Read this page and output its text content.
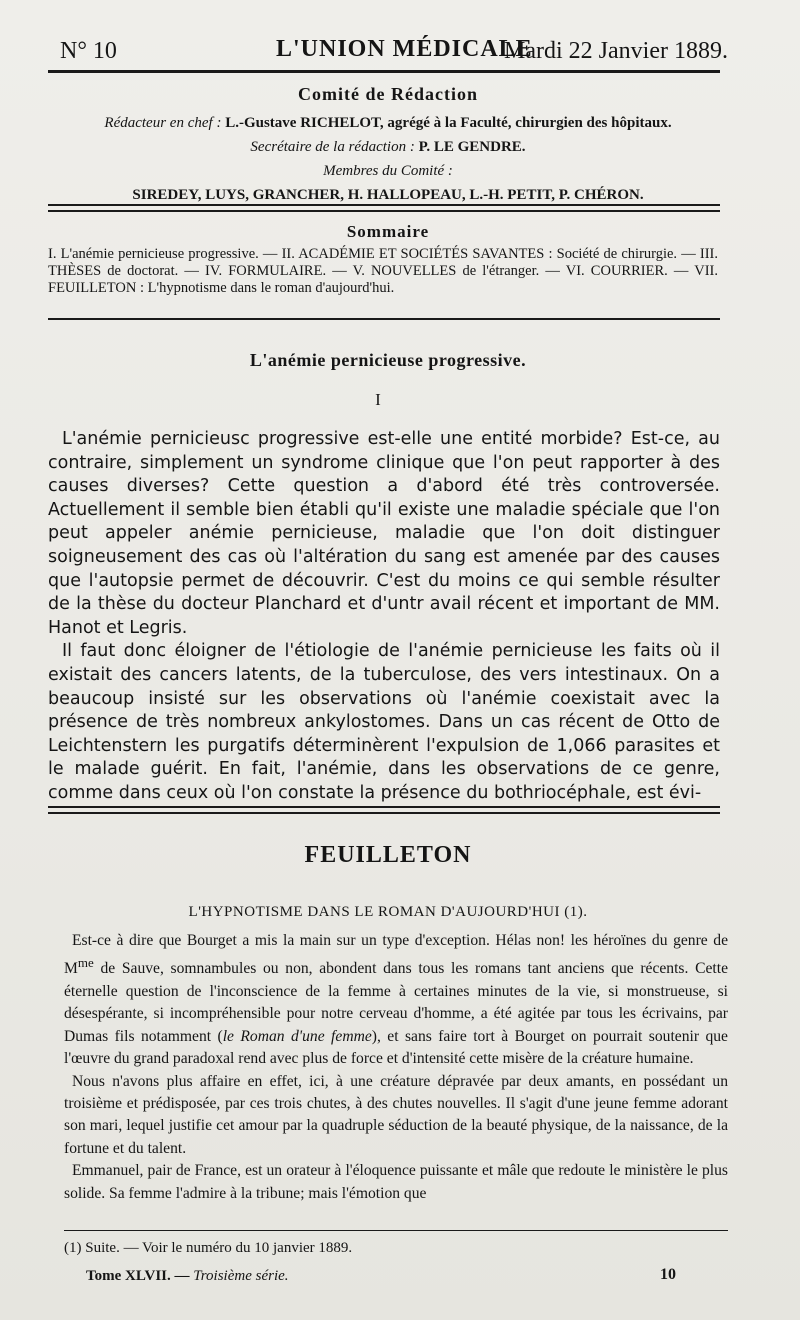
N° 10	L'UNION MÉDICALE
Mardi 22 Janvier 1889.
Comité de Rédaction
Rédacteur en chef : L.-Gustave RICHELOT, agrégé à la Faculté, chirurgien des hôpitaux.
Secrétaire de la rédaction : P. LE GENDRE.
Membres du Comité :
SIREDEY, LUYS, GRANCHER, H. HALLOPEAU, L.-H. PETIT, P. CHÉRON.
Sommaire
I. L'anémie pernicieuse progressive. — II. ACADÉMIE ET SOCIÉTÉS SAVANTES : Société de chirurgie. — III. THÈSES de doctorat. — IV. FORMULAIRE. — V. NOUVELLES de l'étranger. — VI. COURRIER. — VII. FEUILLETON : L'hypnotisme dans le roman d'aujourd'hui.
L'anémie pernicieuse progressive.
I

L'anémie pernicieusc progressive est-elle une entité morbide? Est-ce, au contraire, simplement un syndrome clinique que l'on peut rapporter à des causes diverses? Cette question a d'abord été très controversée. Actuellement il semble bien établi qu'il existe une maladie spéciale que l'on peut appeler anémie pernicieuse, maladie que l'on doit distinguer soigneusement des cas où l'altération du sang est amenée par des causes que l'autopsie permet de découvrir. C'est du moins ce qui semble résulter de la thèse du docteur Planchard et d'untr avail récent et important de MM. Hanot et Legris.

Il faut donc éloigner de l'étiologie de l'anémie pernicieuse les faits où il existait des cancers latents, de la tuberculose, des vers intestinaux. On a beaucoup insisté sur les observations où l'anémie coexistait avec la présence de très nombreux ankylostomes. Dans un cas récent de Otto de Leichtenstern les purgatifs déterminèrent l'expulsion de 1,066 parasites et le malade guérit. En fait, l'anémie, dans les observations de ce genre, comme dans ceux où l'on constate la présence du bothriocéphale, est évi-

FEUILLETON
L'HYPNOTISME DANS LE ROMAN D'AUJOURD'HUI (1).

Est-ce à dire que Bourget a mis la main sur un type d'exception. Hélas non! les héroïnes du genre de $M^{me}$ de Sauve, somnambules ou non, abondent dans tous les romans tant anciens que récents. Cette éternelle question de l'inconscience de la femme à certaines minutes de la vie, si monstrueuse, si désespérante, si incompréhensible pour notre cerveau d'homme, a été agitée par tous les écrivains, par Dumas fils notamment (le Roman d'une femme), et sans faire tort à Bourget on pourrait soutenir que l'œuvre du grand paradoxal rend avec plus de force et d'intensité cette misère de la créature humaine.

Nous n'avons plus affaire en effet, ici, à une créature dépravée par deux amants, en possédant un troisième et prédisposée, par ces trois chutes, à des chutes nouvelles. Il s'agit d'une jeune femme adorant son mari, lequel justifie cet amour par la quadruple séduction de la beauté physique, de la naissance, de la fortune et du talent.

Emmanuel, pair de France, est un orateur à l'éloquence puissante et mâle que redoute le ministère le plus solide. Sa femme l'admire à la tribune; mais l'émotion que

(1) Suite. — Voir le numéro du 10 janvier 1889.
Tome XLVII. — Troisième série.	10
